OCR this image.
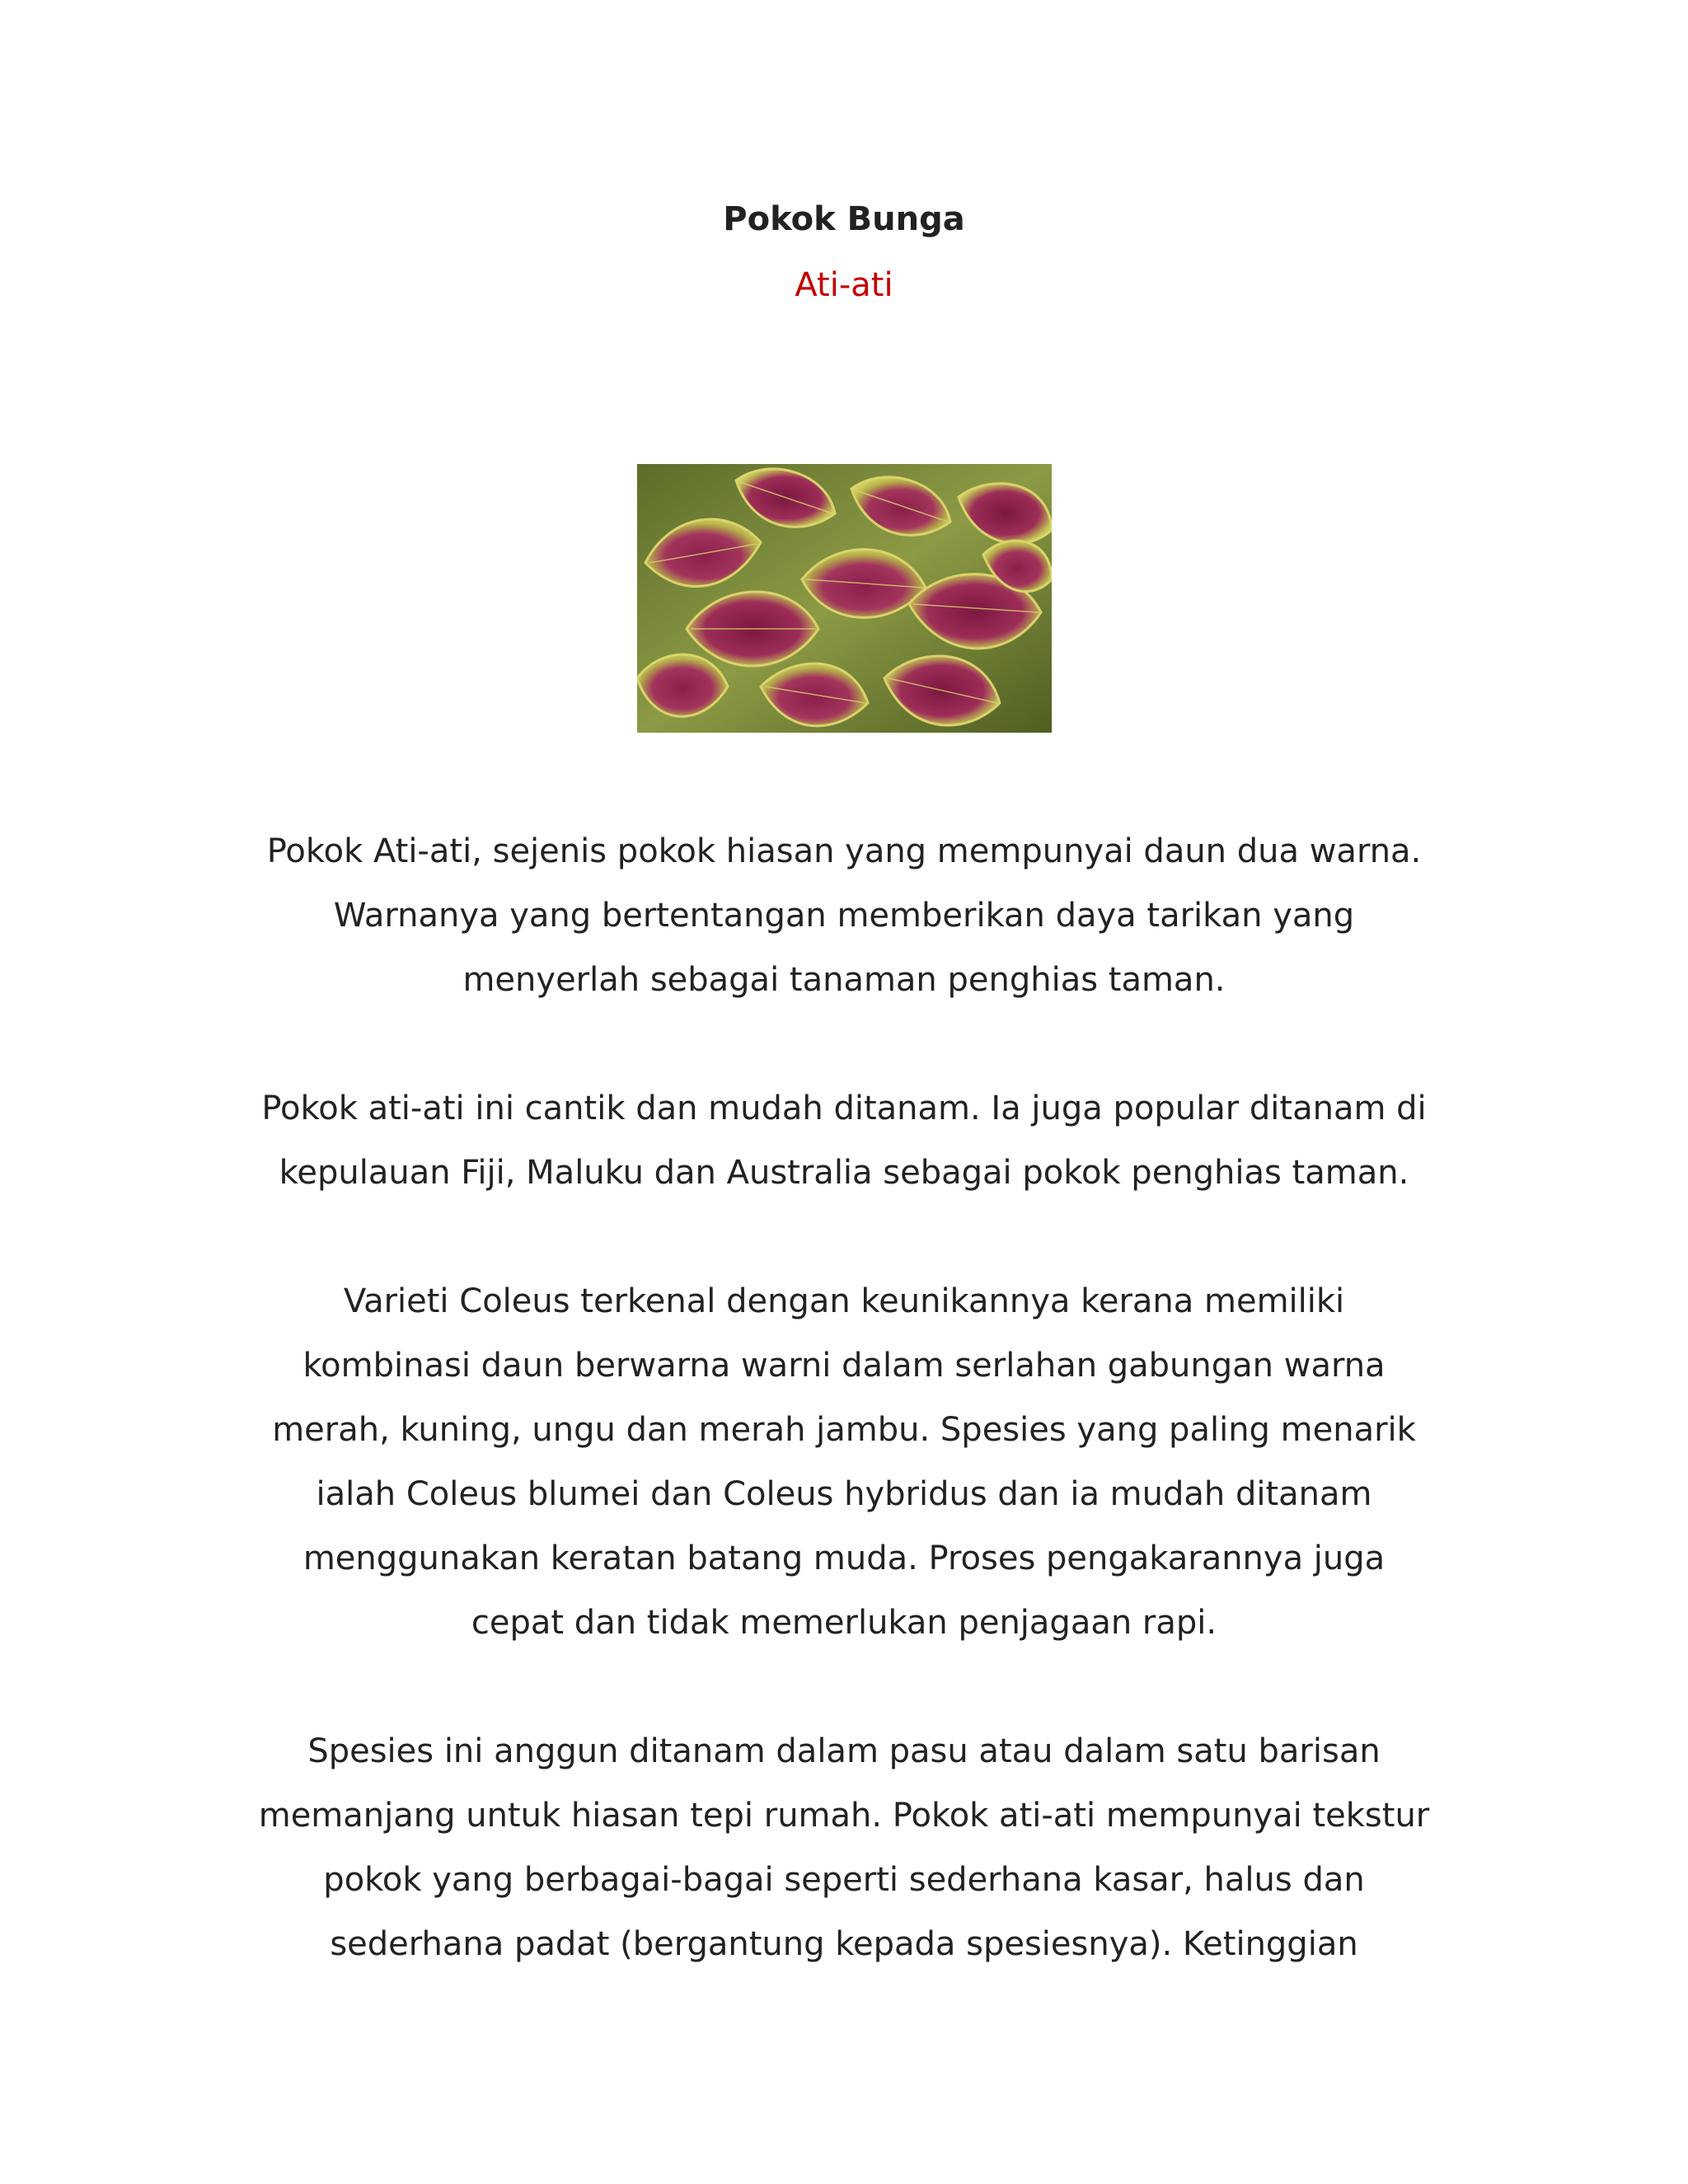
Pokok Bunga
Ati-ati
Pokok Ati-ati, sejenis pokok hiasan yang mempunyai daun dua warna.
Warnanya yang bertentangan memberikan daya tarikan yang
menyerlah sebagai tanaman penghias taman.
Pokok ati-ati ini cantik dan mudah ditanam. Ia juga popular ditanam di
kepulauan Fiji, Maluku dan Australia sebagai pokok penghias taman.
Varieti Coleus terkenal dengan keunikannya kerana memiliki
kombinasi daun berwarna warni dalam serlahan gabungan warna
merah, kuning, ungu dan merah jambu. Spesies yang paling menarik
ialah Coleus blumei dan Coleus hybridus dan ia mudah ditanam
menggunakan keratan batang muda. Proses pengakarannya juga
cepat dan tidak memerlukan penjagaan rapi.
Spesies ini anggun ditanam dalam pasu atau dalam satu barisan
memanjang untuk hiasan tepi rumah. Pokok ati-ati mempunyai tekstur
pokok yang berbagai-bagai seperti sederhana kasar, halus dan
sederhana padat (bergantung kepada spesiesnya). Ketinggian
